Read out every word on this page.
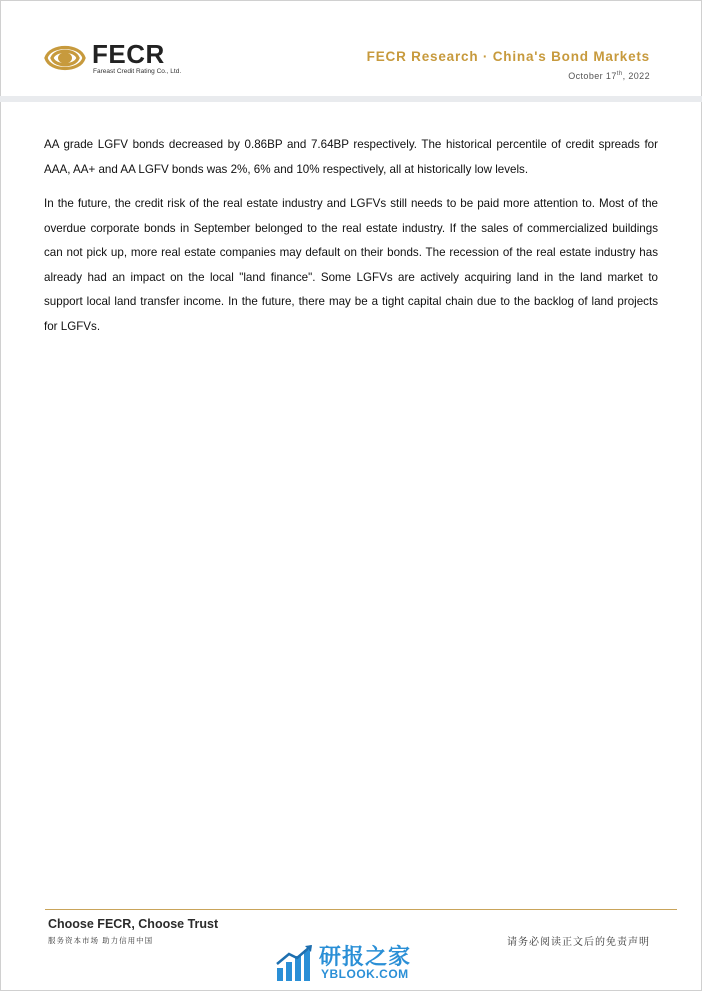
FECR
Fareast Credit Rating Co., Ltd.
FECR Research · China's Bond Markets
October 17th, 2022

AA grade LGFV bonds decreased by 0.86BP and 7.64BP respectively. The historical percentile of credit spreads for AAA, AA+ and AA LGFV bonds was 2%, 6% and 10% respectively, all at historically low levels.

In the future, the credit risk of the real estate industry and LGFVs still needs to be paid more attention to. Most of the overdue corporate bonds in September belonged to the real estate industry. If the sales of commercialized buildings can not pick up, more real estate companies may default on their bonds. The recession of the real estate industry has already had an impact on the local "land finance". Some LGFVs are actively acquiring land in the land market to support local land transfer income. In the future, there may be a tight capital chain due to the backlog of land projects for LGFVs.

Choose FECR, Choose Trust
服务资本市场 助力信用中国	请务必阅读正文后的免责声明
研报之家
YBLOOK.COM
